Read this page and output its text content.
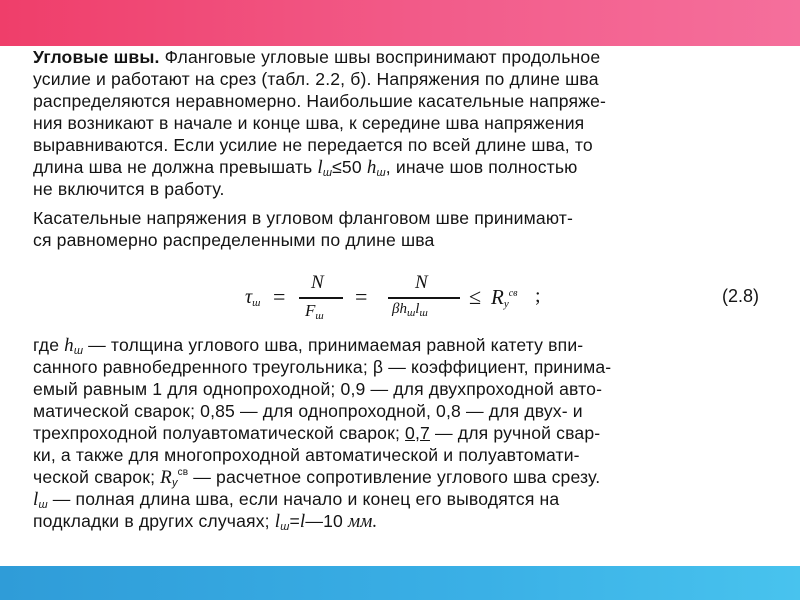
Угловые швы. Фланговые угловые швы воспринимают продольное
усилие и работают на срез (табл. 2.2, б). Напряжения по длине шва
распределяются неравномерно. Наибольшие касательные напряже-
ния возникают в начале и конце шва, к середине шва напряжения
выравниваются. Если усилие не передается по всей длине шва, то
длина шва не должна превышать $l_ш\le 50$ $h_ш$, иначе шов полностью
не включится в работу.
Касательные напряжения в угловом фланговом шве принимают-
ся равномерно распределенными по длине шва
$\tau_ш$ =
N
$F_ш$
=
N
$\beta h_шl_ш$
≤ $R_у^{св}$ ;	(2.8)
где $h_ш$ — толщина углового шва, принимаемая равной катету впи-
санного равнобедренного треугольника; β — коэффициент, принима-
емый равным 1 для однопроходной; 0,9 — для двухпроходной авто-
матической сварок; 0,85 — для однопроходной, 0,8 — для двух- и
трехпроходной полуавтоматической сварок; 0,7 — для ручной свар-
ки, а также для многопроходной автоматической и полуавтомати-
ческой сварок; $R_у^{св}$ — расчетное сопротивление углового шва срезу.
$l_ш$ — полная длина шва, если начало и конец его выводятся на
подкладки в других случаях; $l_ш=l—10$ мм.
